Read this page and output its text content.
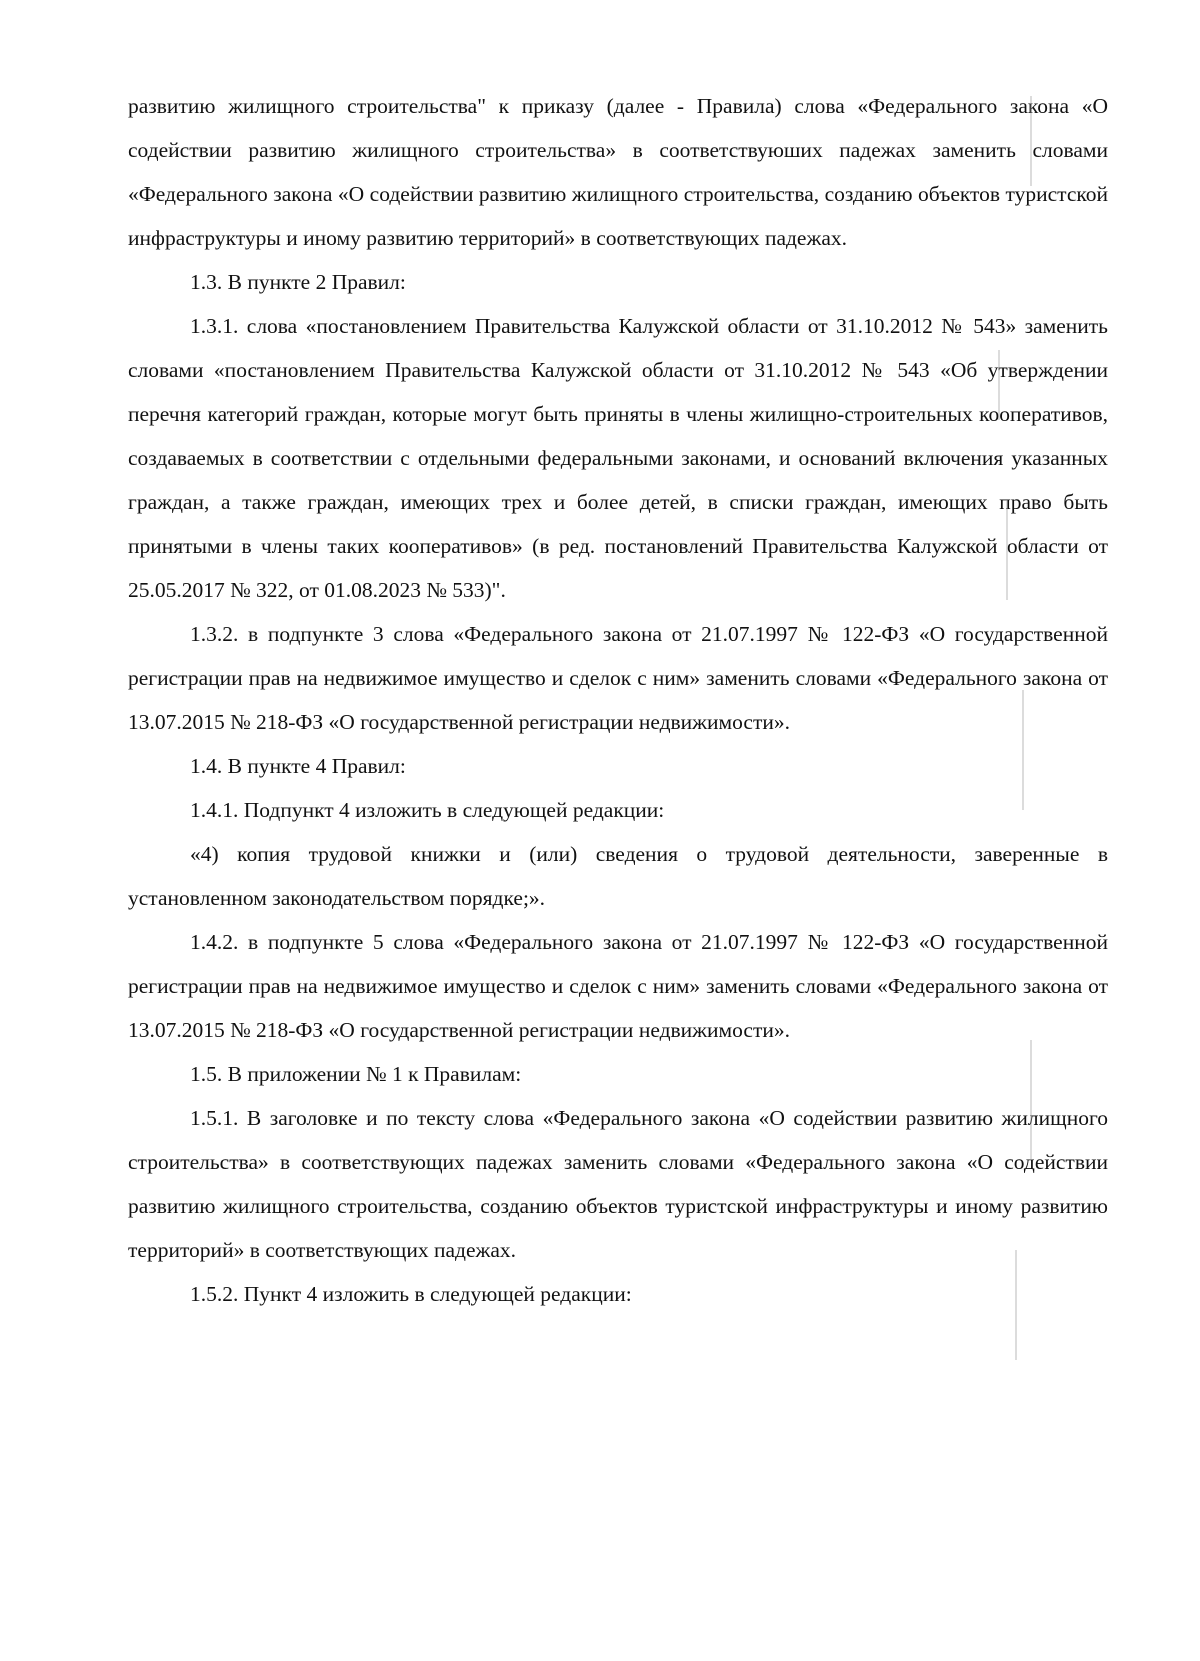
развитию жилищного строительства" к приказу (далее - Правила) слова «Федерального закона «О содействии развитию жилищного строительства» в соответствуюших падежах заменить словами «Федерального закона «О содействии развитию жилищного строительства, созданию объектов туристской инфраструктуры и иному развитию территорий» в соответствующих падежах.

1.3. В пункте 2 Правил:

1.3.1. слова «постановлением Правительства Калужской области от 31.10.2012 № 543» заменить словами «постановлением Правительства Калужской области от 31.10.2012 № 543 «Об утверждении перечня категорий граждан, которые могут быть приняты в члены жилищно-строительных кооперативов, создаваемых в соответствии с отдельными федеральными законами, и оснований включения указанных граждан, а также граждан, имеющих трех и более детей, в списки граждан, имеющих право быть принятыми в члены таких кооперативов» (в ред. постановлений Правительства Калужской области от 25.05.2017 № 322, от 01.08.2023 № 533)".

1.3.2. в подпункте 3 слова «Федерального закона от 21.07.1997 № 122-ФЗ «О государственной регистрации прав на недвижимое имущество и сделок с ним» заменить словами «Федерального закона от 13.07.2015 № 218-ФЗ «О государственной регистрации недвижимости».

1.4. В пункте 4 Правил:

1.4.1. Подпункт 4 изложить в следующей редакции:

«4) копия трудовой книжки и (или) сведения о трудовой деятельности, заверенные в установленном законодательством порядке;».

1.4.2. в подпункте 5 слова «Федерального закона от 21.07.1997 № 122-ФЗ «О государственной регистрации прав на недвижимое имущество и сделок с ним» заменить словами «Федерального закона от 13.07.2015 № 218-ФЗ «О государственной регистрации недвижимости».

1.5. В приложении № 1 к Правилам:

1.5.1. В заголовке и по тексту слова «Федерального закона «О содействии развитию жилищного строительства» в соответствующих падежах заменить словами «Федерального закона «О содействии развитию жилищного строительства, созданию объектов туристской инфраструктуры и иному развитию территорий» в соответствующих падежах.

1.5.2. Пункт 4 изложить в следующей редакции:
